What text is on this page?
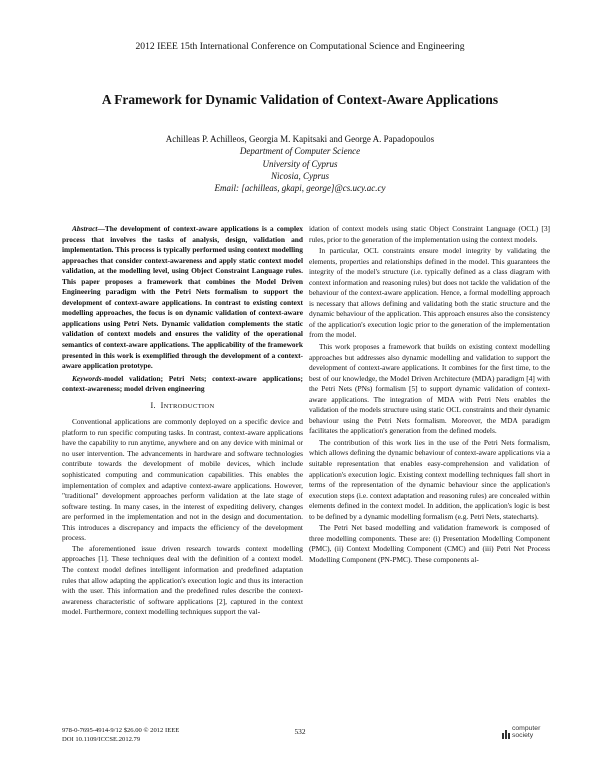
2012 IEEE 15th International Conference on Computational Science and Engineering
A Framework for Dynamic Validation of Context-Aware Applications
Achilleas P. Achilleos, Georgia M. Kapitsaki and George A. Papadopoulos
Department of Computer Science
University of Cyprus
Nicosia, Cyprus
Email: [achilleas, gkapi, george]@cs.ucy.ac.cy

Abstract—The development of context-aware applications is a complex process that involves the tasks of analysis, design, validation and implementation. This process is typically performed using context modelling approaches that consider context-awareness and apply static context model validation, at the modelling level, using Object Constraint Language rules. This paper proposes a framework that combines the Model Driven Engineering paradigm with the Petri Nets formalism to support the development of context-aware applications. In contrast to existing context modelling approaches, the focus is on dynamic validation of context-aware applications using Petri Nets. Dynamic validation complements the static validation of context models and ensures the validity of the operational semantics of context-aware applications. The applicability of the framework presented in this work is exemplified through the development of a context-aware application prototype.

Keywords-model validation; Petri Nets; context-aware applications; context-awareness; model driven engineering

I. INTRODUCTION

Conventional applications are commonly deployed on a specific device and platform to run specific computing tasks. In contrast, context-aware applications have the capability to run anytime, anywhere and on any device with minimal or no user intervention. The advancements in hardware and software technologies contribute towards the development of mobile devices, which include sophisticated computing and communication capabilities. This enables the implementation of complex and adaptive context-aware applications. However, "traditional" development approaches perform validation at the late stage of software testing. In many cases, in the interest of expediting delivery, changes are performed in the implementation and not in the design and documentation. This introduces a discrepancy and impacts the efficiency of the development process.

The aforementioned issue driven research towards context modelling approaches [1]. These techniques deal with the definition of a context model. The context model defines intelligent information and predefined adaptation rules that allow adapting the application's execution logic and thus its interaction with the user. This information and the predefined rules describe the context-awareness characteristic of software applications [2], captured in the context model. Furthermore, context modelling techniques support the val-

idation of context models using static Object Constraint Language (OCL) [3] rules, prior to the generation of the implementation using the context models.

In particular, OCL constraints ensure model integrity by validating the elements, properties and relationships defined in the model. This guarantees the integrity of the model's structure (i.e. typically defined as a class diagram with context information and reasoning rules) but does not tackle the validation of the behaviour of the context-aware application. Hence, a formal modelling approach is necessary that allows defining and validating both the static structure and the dynamic behaviour of the application. This approach ensures also the consistency of the application's execution logic prior to the generation of the implementation from the model.

This work proposes a framework that builds on existing context modelling approaches but addresses also dynamic modelling and validation to support the development of context-aware applications. It combines for the first time, to the best of our knowledge, the Model Driven Architecture (MDA) paradigm [4] with the Petri Nets (PNs) formalism [5] to support dynamic validation of context-aware applications. The integration of MDA with Petri Nets enables the validation of the models structure using static OCL constraints and their dynamic behaviour using the Petri Nets formalism. Moreover, the MDA paradigm facilitates the application's generation from the defined models.

The contribution of this work lies in the use of the Petri Nets formalism, which allows defining the dynamic behaviour of context-aware applications via a suitable representation that enables easy-comprehension and validation of application's execution logic. Existing context modelling techniques fall short in terms of the representation of the dynamic behaviour since the application's execution steps (i.e. context adaptation and reasoning rules) are concealed within elements defined in the context model. In addition, the application's logic is best to be defined by a dynamic modelling formalism (e.g. Petri Nets, statecharts).

The Petri Net based modelling and validation framework is composed of three modelling components. These are: (i) Presentation Modelling Component (PMC), (ii) Context Modelling Component (CMC) and (iii) Petri Net Process Modelling Component (PN-PMC). These components al-

978-0-7695-4914-9/12 $26.00 © 2012 IEEE
DOI 10.1109/ICCSE.2012.79
532	computer
society
